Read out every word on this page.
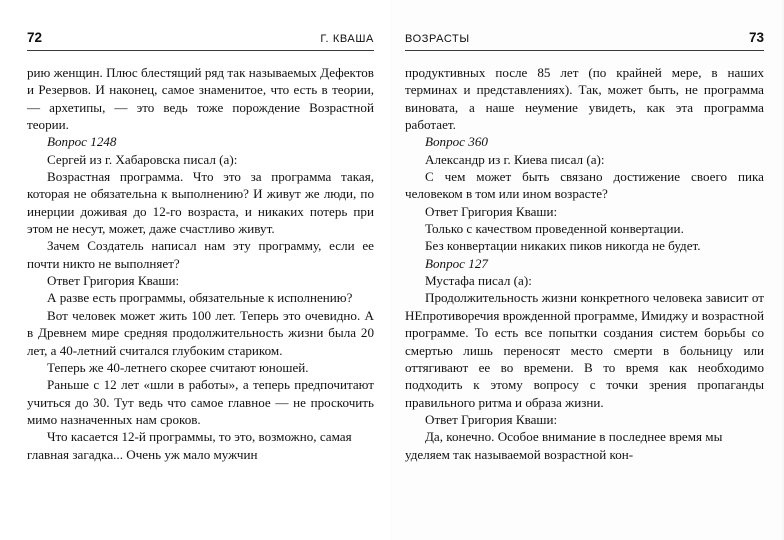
72	Г. КВАША

рию женщин. Плюс блестящий ряд так называемых Дефектов и Резервов. И наконец, самое знаменитое, что есть в теории, — архетипы, — это ведь тоже порождение Возрастной теории.

Вопрос 1248

Сергей из г. Хабаровска писал (а):

Возрастная программа. Что это за программа такая, которая не обязательна к выполнению? И живут же люди, по инерции доживая до 12-го возраста, и никаких потерь при этом не несут, может, даже счастливо живут.

Зачем Создатель написал нам эту программу, если ее почти никто не выполняет?

Ответ Григория Кваши:

А разве есть программы, обязательные к исполнению?

Вот человек может жить 100 лет. Теперь это очевидно. А в Древнем мире средняя продолжительность жизни была 20 лет, а 40-летний считался глубоким стариком.

Теперь же 40-летнего скорее считают юношей.

Раньше с 12 лет «шли в работы», а теперь предпочитают учиться до 30. Тут ведь что самое главное — не проскочить мимо назначенных нам сроков.

Что касается 12-й программы, то это, возможно, самая главная загадка... Очень уж мало мужчин

ВОЗРАСТЫ	73

продуктивных после 85 лет (по крайней мере, в наших терминах и представлениях). Так, может быть, не программа виновата, а наше неумение увидеть, как эта программа работает.

Вопрос 360

Александр из г. Киева писал (а):

С чем может быть связано достижение своего пика человеком в том или ином возрасте?

Ответ Григория Кваши:

Только с качеством проведенной конвертации.

Без конвертации никаких пиков никогда не будет.

Вопрос 127

Мустафа писал (а):

Продолжительность жизни конкретного человека зависит от НЕпротиворечия врожденной программе, Имиджу и возрастной программе. То есть все попытки создания систем борьбы со смертью лишь переносят место смерти в больницу или оттягивают ее во времени. В то время как необходимо подходить к этому вопросу с точки зрения пропаганды правильного ритма и образа жизни.

Ответ Григория Кваши:

Да, конечно. Особое внимание в последнее время мы уделяем так называемой возрастной кон-
